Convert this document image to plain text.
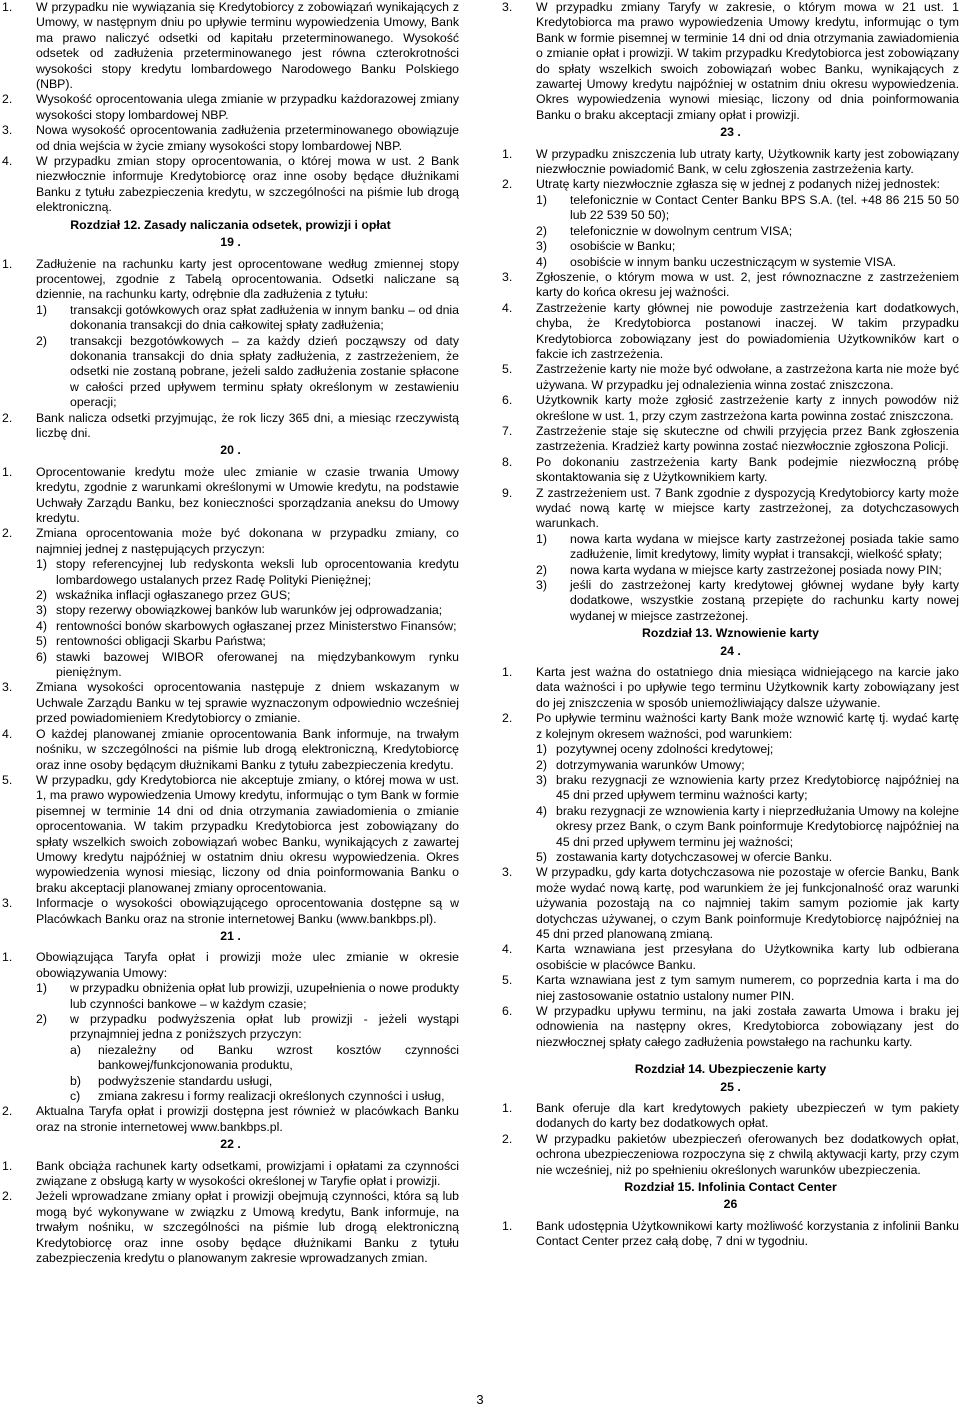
1. W przypadku nie wywiązania się Kredytobiorcy z zobowiązań wynikających z Umowy, w następnym dniu po upływie terminu wypowiedzenia Umowy, Bank ma prawo naliczyć odsetki od kapitału przeterminowanego. Wysokość odsetek od zadłużenia przeterminowanego jest równa czterokrotności wysokości stopy kredytu lombardowego Narodowego Banku Polskiego (NBP).
2. Wysokość oprocentowania ulega zmianie w przypadku każdorazowej zmiany wysokości stopy lombardowej NBP.
3. Nowa wysokość oprocentowania zadłużenia przeterminowanego obowiązuje od dnia wejścia w życie zmiany wysokości stopy lombardowej NBP.
4. W przypadku zmian stopy oprocentowania, o której mowa w ust. 2 Bank niezwłocznie informuje Kredytobiorcę oraz inne osoby będące dłużnikami Banku z tytułu zabezpieczenia kredytu, w szczególności na piśmie lub drogą elektroniczną.
Rozdział 12. Zasady naliczania odsetek, prowizji i opłat
19 .
1. Zadłużenie na rachunku karty jest oprocentowane według zmiennej stopy procentowej, zgodnie z Tabelą oprocentowania. Odsetki naliczane są dziennie, na rachunku karty, odrębnie dla zadłużenia z tytułu:
1) transakcji gotówkowych oraz spłat zadłużenia w innym banku – od dnia dokonania transakcji do dnia całkowitej spłaty zadłużenia;
2) transakcji bezgotówkowych – za każdy dzień począwszy od daty dokonania transakcji do dnia spłaty zadłużenia, z zastrzeżeniem, że odsetki nie zostaną pobrane, jeżeli saldo zadłużenia zostanie spłacone w całości przed upływem terminu spłaty określonym w zestawieniu operacji;
2. Bank nalicza odsetki przyjmując, że rok liczy 365 dni, a miesiąc rzeczywistą liczbę dni.
20 .
1. Oprocentowanie kredytu może ulec zmianie w czasie trwania Umowy kredytu, zgodnie z warunkami określonymi w Umowie kredytu, na podstawie Uchwały Zarządu Banku, bez konieczności sporządzania aneksu do Umowy kredytu.
2. Zmiana oprocentowania może być dokonana w przypadku zmiany, co najmniej jednej z następujących przyczyn:
1) stopy referencyjnej lub redyskonta weksli lub oprocentowania kredytu lombardowego ustalanych przez Radę Polityki Pieniężnej;
2) wskaźnika inflacji ogłaszanego przez GUS;
3) stopy rezerwy obowiązkowej banków lub warunków jej odprowadzania;
4) rentowności bonów skarbowych ogłaszanej przez Ministerstwo Finansów;
5) rentowności obligacji Skarbu Państwa;
6) stawki bazowej WIBOR oferowanej na międzybankowym rynku pieniężnym.
3. Zmiana wysokości oprocentowania następuje z dniem wskazanym w Uchwale Zarządu Banku w tej sprawie wyznaczonym odpowiednio wcześniej przed powiadomieniem Kredytobiorcy o zmianie.
4. O każdej planowanej zmianie oprocentowania Bank informuje, na trwałym nośniku, w szczególności na piśmie lub drogą elektroniczną, Kredytobiorcę oraz inne osoby będącym dłużnikami Banku z tytułu zabezpieczenia kredytu.
5. W przypadku, gdy Kredytobiorca nie akceptuje zmiany, o której mowa w ust. 1, ma prawo wypowiedzenia Umowy kredytu, informując o tym Bank w formie pisemnej w terminie 14 dni od dnia otrzymania zawiadomienia o zmianie oprocentowania. W takim przypadku Kredytobiorca jest zobowiązany do spłaty wszelkich swoich zobowiązań wobec Banku, wynikających z zawartej Umowy kredytu najpóźniej w ostatnim dniu okresu wypowiedzenia. Okres wypowiedzenia wynosi miesiąc, liczony od dnia poinformowania Banku o braku akceptacji planowanej zmiany oprocentowania.
3. Informacje o wysokości obowiązującego oprocentowania dostępne są w Placówkach Banku oraz na stronie internetowej Banku (www.bankbps.pl).
21 .
1. Obowiązująca Taryfa opłat i prowizji może ulec zmianie w okresie obowiązywania Umowy:
1) w przypadku obniżenia opłat lub prowizji, uzupełnienia o nowe produkty lub czynności bankowe – w każdym czasie;
2) w przypadku podwyższenia opłat lub prowizji - jeżeli wystąpi przynajmniej jedna z poniższych przyczyn:
a) niezależny od Banku wzrost kosztów czynności bankowej/funkcjonowania produktu,
b) podwyższenie standardu usługi,
c) zmiana zakresu i formy realizacji określonych czynności i usług,
2. Aktualna Taryfa opłat i prowizji dostępna jest również w placówkach Banku oraz na stronie internetowej www.bankbps.pl.
22 .
1. Bank obciąża rachunek karty odsetkami, prowizjami i opłatami za czynności związane z obsługą karty w wysokości określonej w Taryfie opłat i prowizji.
2. Jeżeli wprowadzane zmiany opłat i prowizji obejmują czynności, która są lub mogą być wykonywane w związku z Umową kredytu, Bank informuje, na trwałym nośniku, w szczególności na piśmie lub drogą elektroniczną Kredytobiorcę oraz inne osoby będące dłużnikami Banku z tytułu zabezpieczenia kredytu o planowanym zakresie wprowadzanych zmian.
3. W przypadku zmiany Taryfy w zakresie, o którym mowa w 21 ust. 1 Kredytobiorca ma prawo wypowiedzenia Umowy kredytu, informując o tym Bank w formie pisemnej w terminie 14 dni od dnia otrzymania zawiadomienia o zmianie opłat i prowizji. W takim przypadku Kredytobiorca jest zobowiązany do spłaty wszelkich swoich zobowiązań wobec Banku, wynikających z zawartej Umowy kredytu najpóźniej w ostatnim dniu okresu wypowiedzenia. Okres wypowiedzenia wynowi miesiąc, liczony od dnia poinformowania Banku o braku akceptacji zmiany opłat i prowizji.
23 .
1. W przypadku zniszczenia lub utraty karty, Użytkownik karty jest zobowiązany niezwłocznie powiadomić Bank, w celu zgłoszenia zastrzeżenia karty.
2. Utratę karty niezwłocznie zgłasza się w jednej z podanych niżej jednostek:
1) telefonicznie w Contact Center Banku BPS S.A. (tel. +48 86 215 50 50 lub 22 539 50 50);
2) telefonicznie w dowolnym centrum VISA;
3) osobiście w Banku;
4) osobiście w innym banku uczestniczącym w systemie VISA.
3. Zgłoszenie, o którym mowa w ust. 2, jest równoznaczne z zastrzeżeniem karty do końca okresu jej ważności.
4. Zastrzeżenie karty głównej nie powoduje zastrzeżenia kart dodatkowych, chyba, że Kredytobiorca postanowi inaczej. W takim przypadku Kredytobiorca zobowiązany jest do powiadomienia Użytkowników kart o fakcie ich zastrzeżenia.
5. Zastrzeżenie karty nie może być odwołane, a zastrzeżona karta nie może być używana. W przypadku jej odnalezienia winna zostać zniszczona.
6. Użytkownik karty może zgłosić zastrzeżenie karty z innych powodów niż określone w ust. 1, przy czym zastrzeżona karta powinna zostać zniszczona.
7. Zastrzeżenie staje się skuteczne od chwili przyjęcia przez Bank zgłoszenia zastrzeżenia. Kradzież karty powinna zostać niezwłocznie zgłoszona Policji.
8. Po dokonaniu zastrzeżenia karty Bank podejmie niezwłoczną próbę skontaktowania się z Użytkownikiem karty.
9. Z zastrzeżeniem ust. 7 Bank zgodnie z dyspozycją Kredytobiorcy karty może wydać nową kartę w miejsce karty zastrzeżonej, za dotychczasowych warunkach.
1) nowa karta wydana w miejsce karty zastrzeżonej posiada takie samo zadłużenie, limit kredytowy, limity wypłat i transakcji, wielkość spłaty;
2) nowa karta wydana w miejsce karty zastrzeżonej posiada nowy PIN;
3) jeśli do zastrzeżonej karty kredytowej głównej wydane były karty dodatkowe, wszystkie zostaną przepięte do rachunku karty nowej wydanej w miejsce zastrzeżonej.
Rozdział 13. Wznowienie karty
24 .
1. Karta jest ważna do ostatniego dnia miesiąca widniejącego na karcie jako data ważności i po upływie tego terminu Użytkownik karty zobowiązany jest do jej zniszczenia w sposób uniemożliwiający dalsze używanie.
2. Po upływie terminu ważności karty Bank może wznowić kartę tj. wydać kartę z kolejnym okresem ważności, pod warunkiem:
1) pozytywnej oceny zdolności kredytowej;
2) dotrzymywania warunków Umowy;
3) braku rezygnacji ze wznowienia karty przez Kredytobiorcę najpóźniej na 45 dni przed upływem terminu ważności karty;
4) braku rezygnacji ze wznowienia karty i nieprzedłużania Umowy na kolejne okresy przez Bank, o czym Bank poinformuje Kredytobiorcę najpóźniej na 45 dni przed upływem terminu jej ważności;
5) zostawania karty dotychczasowej w ofercie Banku.
3. W przypadku, gdy karta dotychczasowa nie pozostaje w ofercie Banku, Bank może wydać nową kartę, pod warunkiem że jej funkcjonalność oraz warunki używania pozostają na co najmniej takim samym poziomie jak karty dotychczas używanej, o czym Bank poinformuje Kredytobiorcę najpóźniej na 45 dni przed planowaną zmianą.
4. Karta wznawiana jest przesyłana do Użytkownika karty lub odbierana osobiście w placówce Banku.
5. Karta wznawiana jest z tym samym numerem, co poprzednia karta i ma do niej zastosowanie ostatnio ustalony numer PIN.
6. W przypadku upływu terminu, na jaki została zawarta Umowa i braku jej odnowienia na następny okres, Kredytobiorca zobowiązany jest do niezwłocznej spłaty całego zadłużenia powstałego na rachunku karty.
Rozdział 14. Ubezpieczenie karty
25 .
1. Bank oferuje dla kart kredytowych pakiety ubezpieczeń w tym pakiety dodanych do karty bez dodatkowych opłat.
2. W przypadku pakietów ubezpieczeń oferowanych bez dodatkowych opłat, ochrona ubezpieczeniowa rozpoczyna się z chwilą aktywacji karty, przy czym nie wcześniej, niż po spełnieniu określonych warunków ubezpieczenia.
Rozdział 15. Infolinia Contact Center
26
1. Bank udostępnia Użytkownikowi karty możliwość korzystania z infolinii Banku Contact Center przez całą dobę, 7 dni w tygodniu.
3
